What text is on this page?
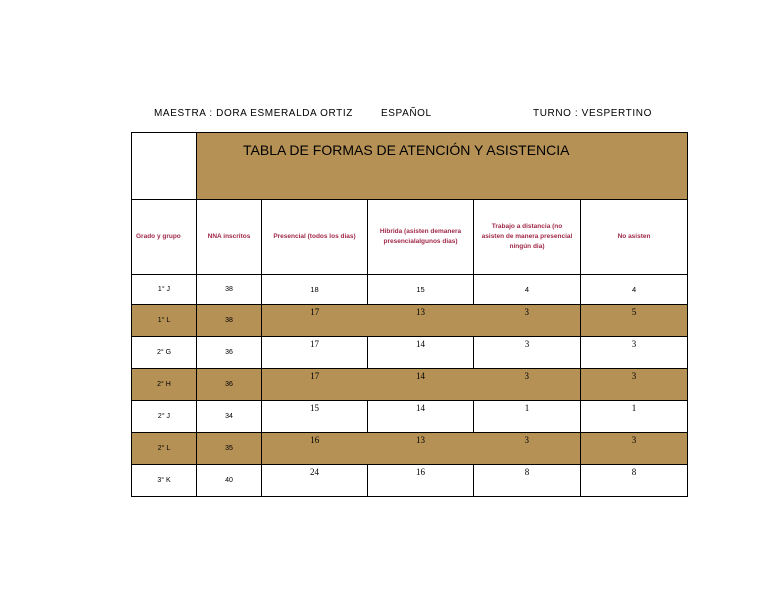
MAESTRA : DORA ESMERALDA ORTIZ	ESPAÑOL	TURNO : VESPERTINO
	TABLA DE FORMAS DE ATENCIÓN Y ASISTENCIA				
Grado y grupo	NNA inscritos	Presencial (todos los dias)	Hibrida (asisten demanera presencialalgunos dias)	Trabajo a distancia (no asisten de manera presencial ningún dia)	No asisten
1° J	38	18	15	4	4
1° L	38	17	13	3	5
2° G	36	17	14	3	3
2° H	36	17	14	3	3
2° J	34	15	14	1	1
2° L	35	16	13	3	3
3° K	40	24	16	8	8
